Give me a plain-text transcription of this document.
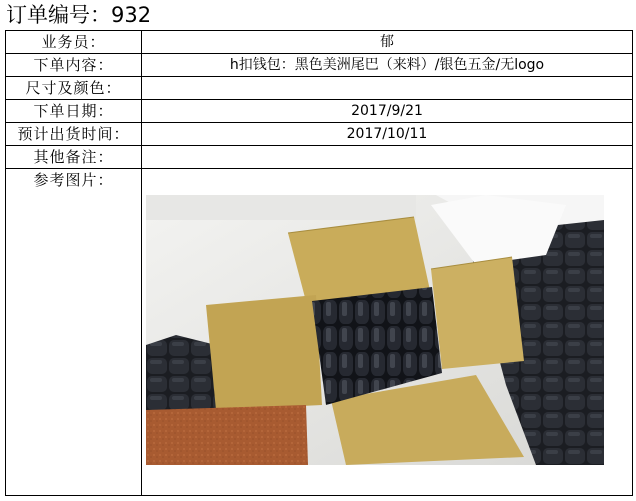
订单编号：932
业务员：	郁
下单内容：	h扣钱包：黑色美洲尾巴（来料）/银色五金/无logo
尺寸及颜色：
下单日期：	2017/9/21
预计出货时间：	2017/10/11
其他备注：
参考图片：
